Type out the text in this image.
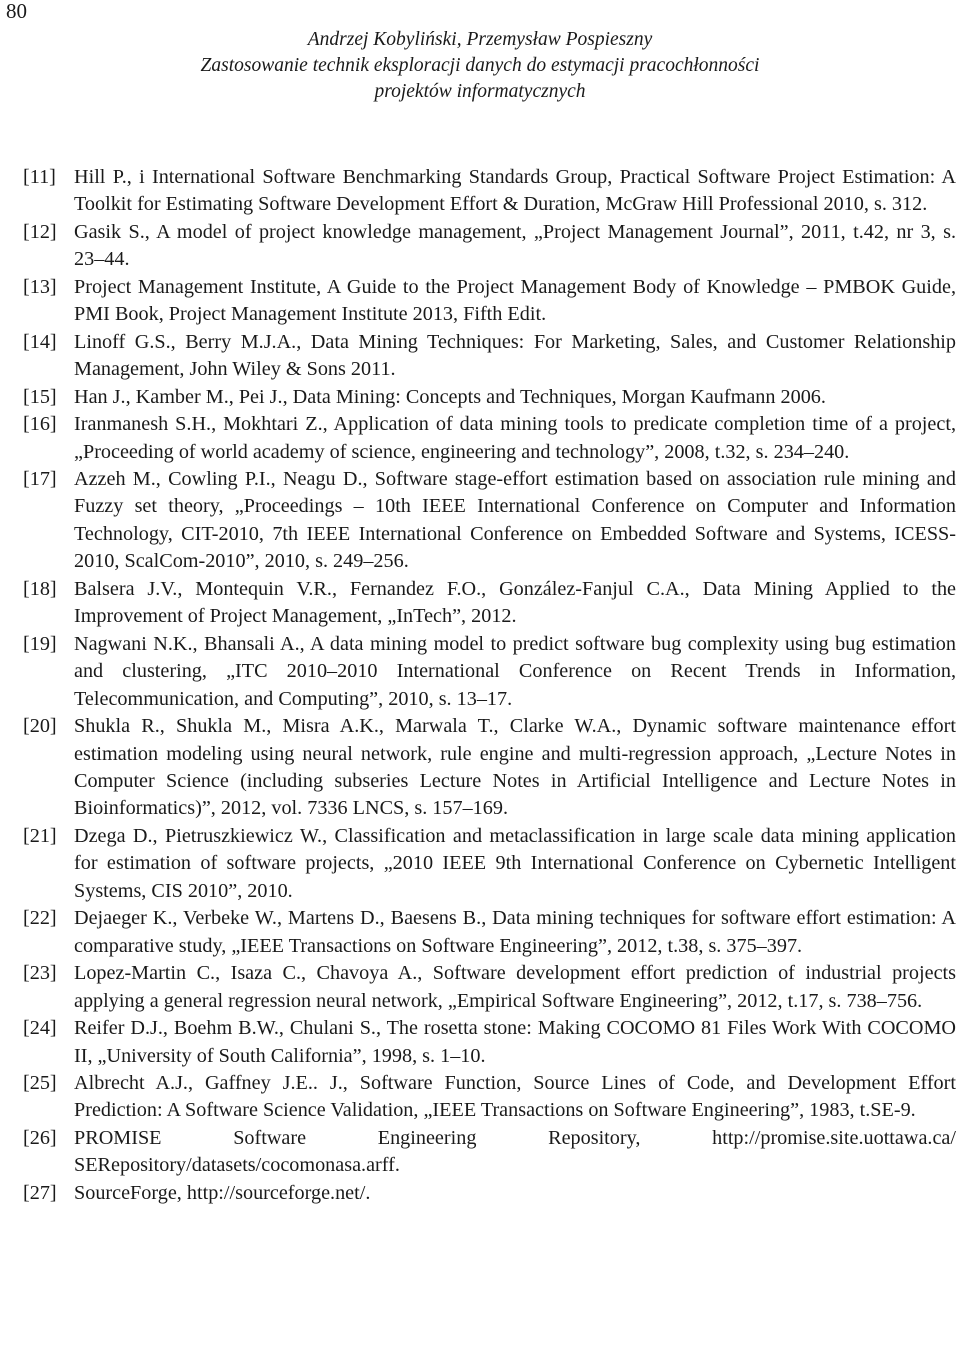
80
Andrzej Kobyliński, Przemysław Pospieszny
Zastosowanie technik eksploracji danych do estymacji pracochłonności
projektów informatycznych
[11] Hill P., i International Software Benchmarking Standards Group, Practical Software Project Estimation: A Toolkit for Estimating Software Development Effort & Duration, McGraw Hill Professional 2010, s. 312.
[12] Gasik S., A model of project knowledge management, „Project Management Journal”, 2011, t.42, nr 3, s. 23–44.
[13] Project Management Institute, A Guide to the Project Management Body of Knowledge – PMBOK Guide, PMI Book, Project Management Institute 2013, Fifth Edit.
[14] Linoff G.S., Berry M.J.A., Data Mining Techniques: For Marketing, Sales, and Customer Relationship Management, John Wiley & Sons 2011.
[15] Han J., Kamber M., Pei J., Data Mining: Concepts and Techniques, Morgan Kaufmann 2006.
[16] Iranmanesh S.H., Mokhtari Z., Application of data mining tools to predicate completion time of a project, „Proceeding of world academy of science, engineering and technology”, 2008, t.32, s. 234–240.
[17] Azzeh M., Cowling P.I., Neagu D., Software stage-effort estimation based on association rule mining and Fuzzy set theory, „Proceedings – 10th IEEE International Conference on Computer and Information Technology, CIT-2010, 7th IEEE International Conference on Embedded Software and Systems, ICESS-2010, ScalCom-2010”, 2010, s. 249–256.
[18] Balsera J.V., Montequin V.R., Fernandez F.O., González-Fanjul C.A., Data Mining Applied to the Improvement of Project Management, „InTech”, 2012.
[19] Nagwani N.K., Bhansali A., A data mining model to predict software bug complexity using bug estimation and clustering, „ITC 2010–2010 International Conference on Recent Trends in Information, Telecommunication, and Computing”, 2010, s. 13–17.
[20] Shukla R., Shukla M., Misra A.K., Marwala T., Clarke W.A., Dynamic software maintenance effort estimation modeling using neural network, rule engine and multi-regression approach, „Lecture Notes in Computer Science (including subseries Lecture Notes in Artificial Intelligence and Lecture Notes in Bioinformatics)”, 2012, vol. 7336 LNCS, s. 157–169.
[21] Dzega D., Pietruszkiewicz W., Classification and metaclassification in large scale data mining application for estimation of software projects, „2010 IEEE 9th International Conference on Cybernetic Intelligent Systems, CIS 2010”, 2010.
[22] Dejaeger K., Verbeke W., Martens D., Baesens B., Data mining techniques for software effort estimation: A comparative study, „IEEE Transactions on Software Engineering”, 2012, t.38, s. 375–397.
[23] Lopez-Martin C., Isaza C., Chavoya A., Software development effort prediction of industrial projects applying a general regression neural network, „Empirical Software Engineering”, 2012, t.17, s. 738–756.
[24] Reifer D.J., Boehm B.W., Chulani S., The rosetta stone: Making COCOMO 81 Files Work With COCOMO II, „University of South California”, 1998, s. 1–10.
[25] Albrecht A.J., Gaffney J.E.. J., Software Function, Source Lines of Code, and Development Effort Prediction: A Software Science Validation, „IEEE Transactions on Software Engineering”, 1983, t.SE-9.
[26] PROMISE Software Engineering Repository, http://promise.site.uottawa.ca/ SERepository/datasets/cocomonasa.arff.
[27] SourceForge, http://sourceforge.net/.
